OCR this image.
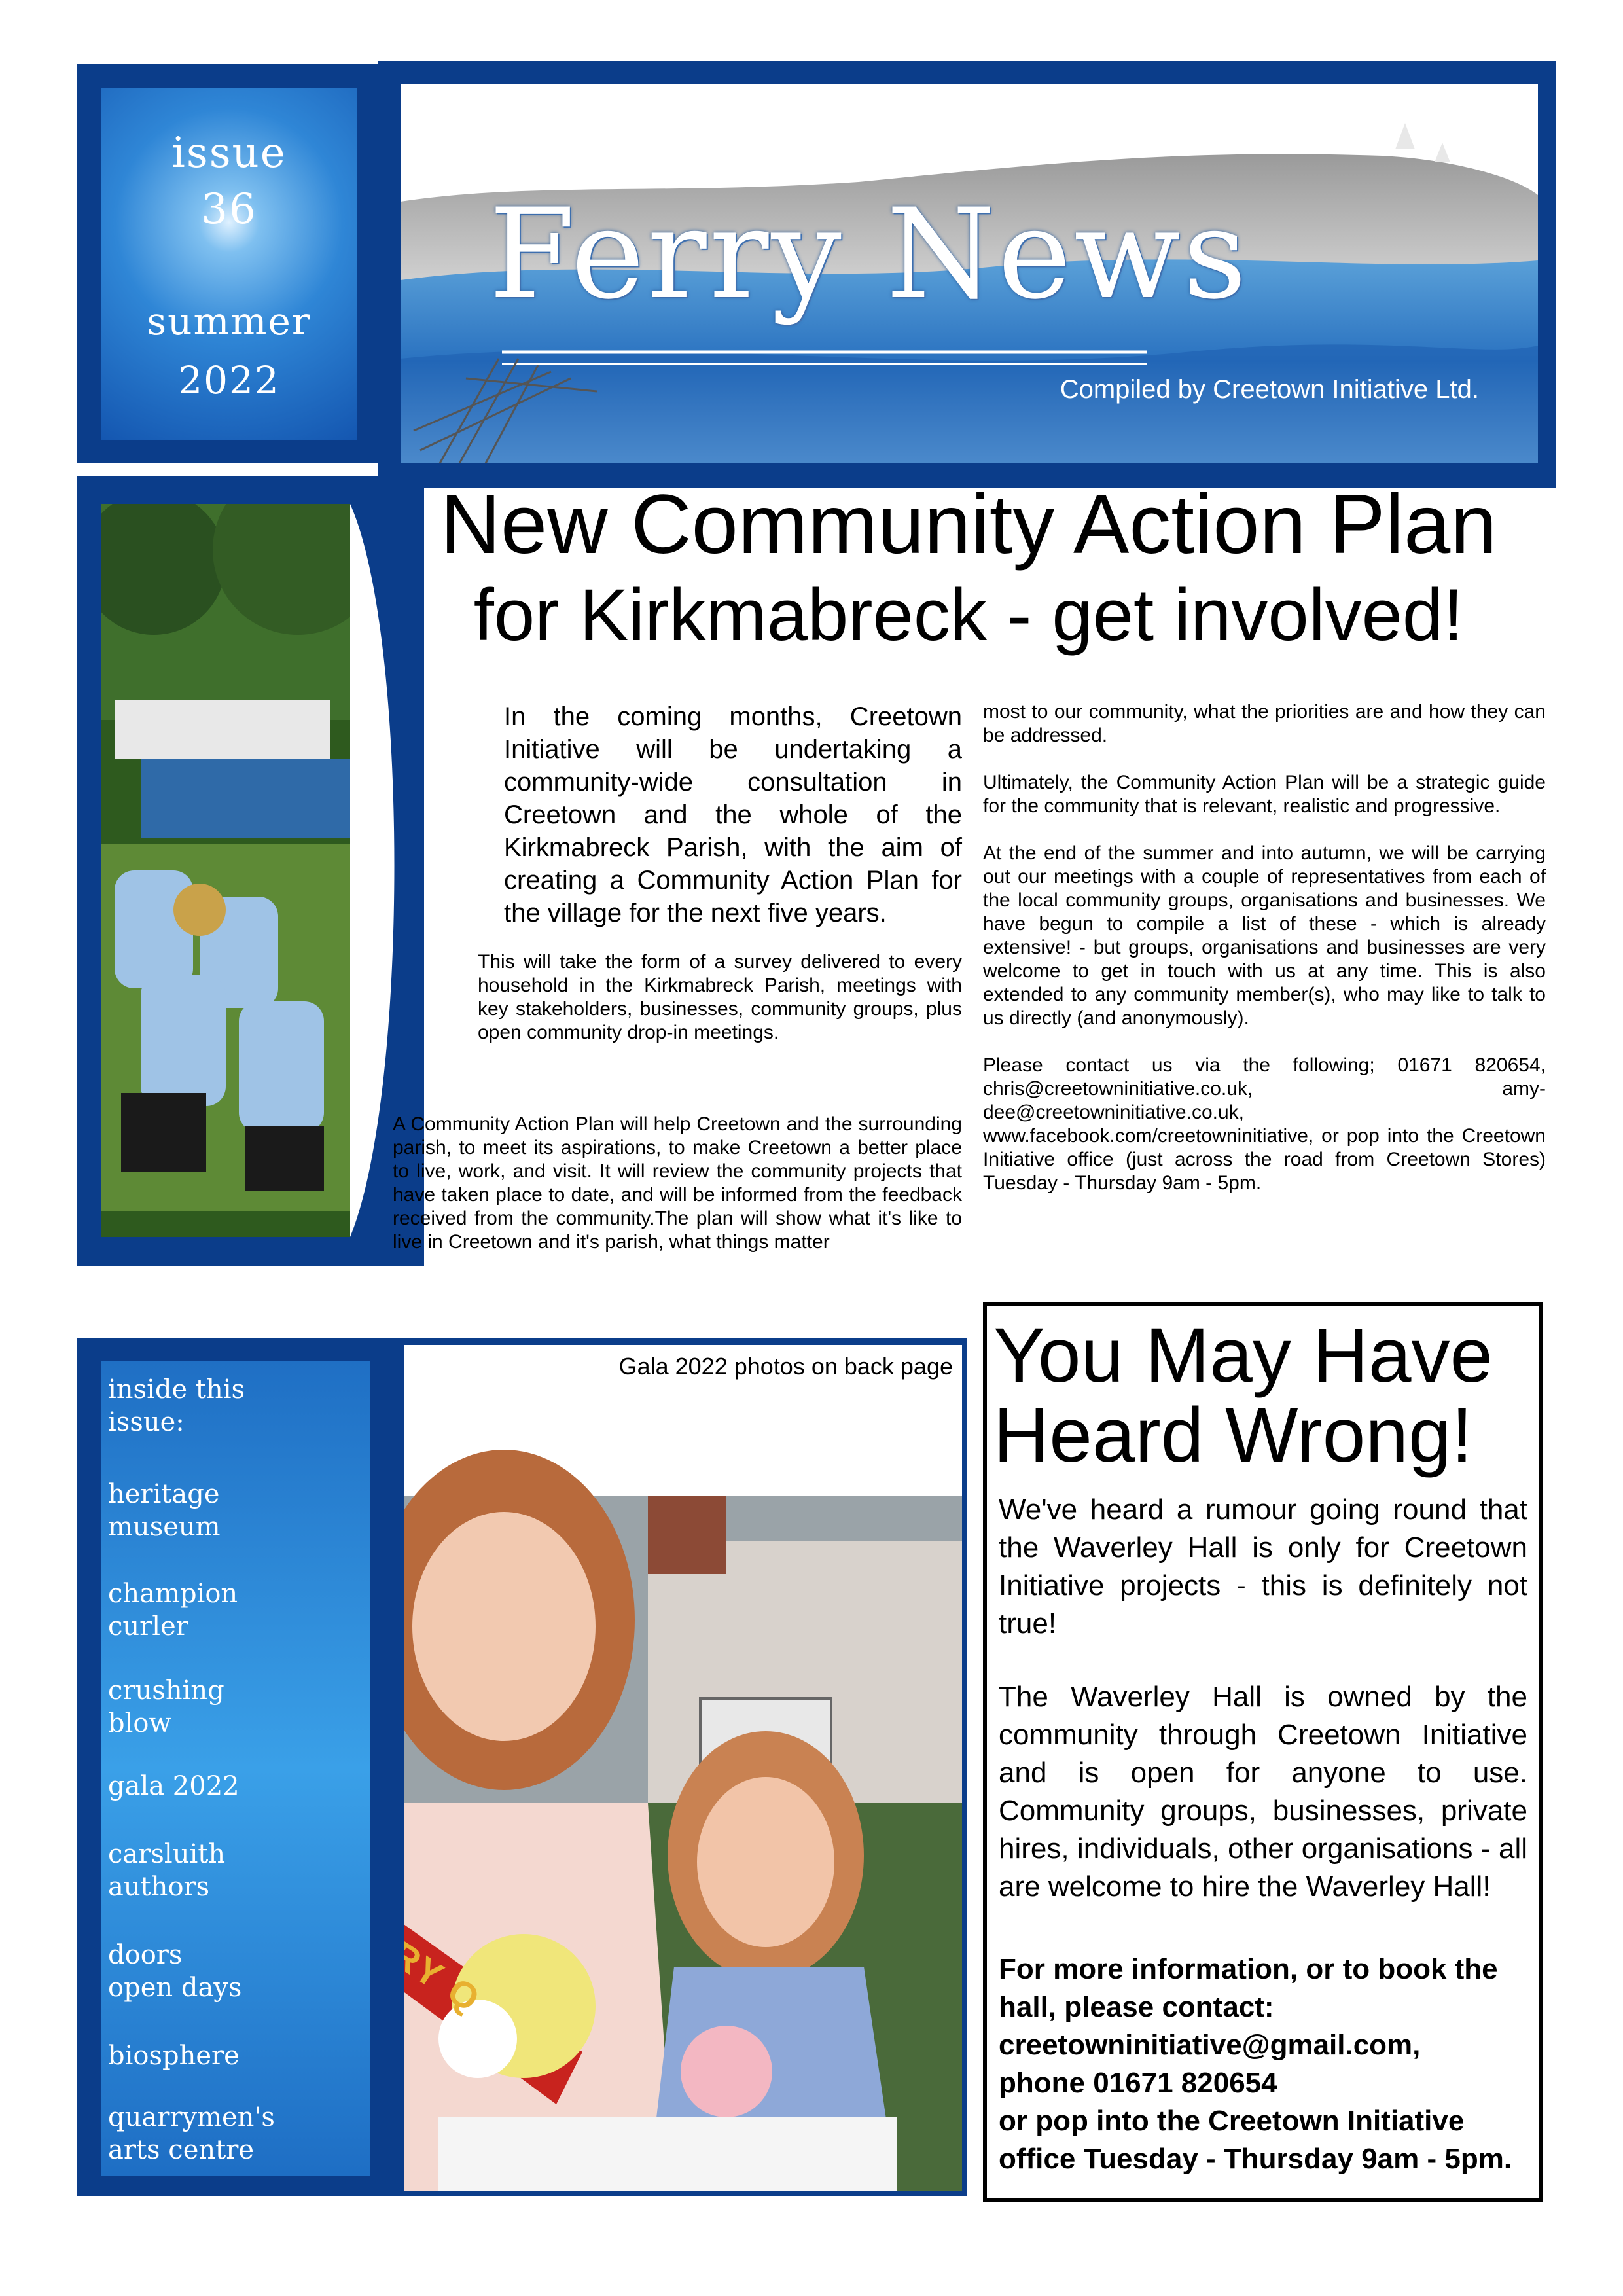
issue
36
summer
2022
Ferry News
Compiled by Creetown Initiative Ltd.
New Community Action Plan
for Kirkmabreck - get involved!
In the coming months, Creetown Initiative will be undertaking a community-wide consultation in Creetown and the whole of the Kirkmabreck Parish, with the aim of creating a Community Action Plan for the village for the next five years.
This will take the form of a survey delivered to every household in the Kirkmabreck Parish, meetings with key stakeholders, businesses, community groups, plus open community drop-in meetings.
A Community Action Plan will help Creetown and the surrounding parish, to meet its aspirations, to make Creetown a better place to live, work, and visit. It will review the community projects that have taken place to date, and will be informed from the feedback received from the community.The plan will show what it's like to live in Creetown and it's parish, what things matter

most to our community, what the priorities are and how they can be addressed.

Ultimately, the Community Action Plan will be a strategic guide for the community that is relevant, realistic and progressive.

At the end of the summer and into autumn, we will be carrying out our meetings with a couple of representatives from each of the local community groups, organisations and businesses. We have begun to compile a list of these - which is already extensive! - but groups, organisations and businesses are very welcome to get in touch with us at any time. This is also extended to any community member(s), who may like to talk to us directly (and anonymously).

Please contact us via the following; 01671 820654, chris@creetowninitiative.co.uk, amy-dee@creetowninitiative.co.uk, www.facebook.com/creetowninitiative, or pop into the Creetown Initiative office (just across the road from Creetown Stores) Tuesday - Thursday 9am - 5pm.

Gala 2022 photos on back page
Q
inside this
issue:
heritage
museum
champion
curler
crushing
blow
gala 2022
carsluith
authors
doors
open days
biosphere
quarrymen's
arts centre
You May Have
Heard Wrong!

We've heard a rumour going round that the Waverley Hall is only for Creetown Initiative projects - this is definitely not true!

The Waverley Hall is owned by the community through Creetown Initiative and is open for anyone to use. Community groups, businesses, private hires, individuals, other organisations - all are welcome to hire the Waverley Hall!

For more information, or to book the hall, please contact:
creetowninitiative@gmail.com,
phone 01671 820654
or pop into the Creetown Initiative office Tuesday - Thursday 9am - 5pm.
